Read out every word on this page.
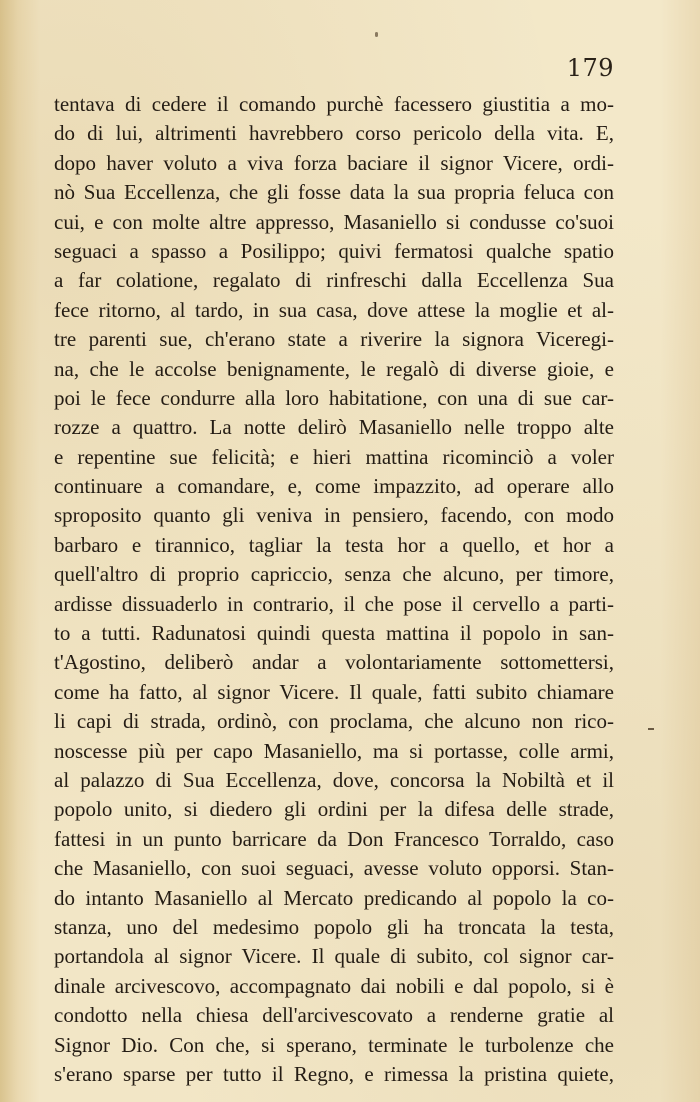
179
tentava di cedere il comando purchè facessero giustitia a mo-
do di lui, altrimenti havrebbero corso pericolo della vita. E,
dopo haver voluto a viva forza baciare il signor Vicere, ordi-
nò Sua Eccellenza, che gli fosse data la sua propria feluca con
cui, e con molte altre appresso, Masaniello si condusse co'suoi
seguaci a spasso a Posilippo; quivi fermatosi qualche spatio
a far colatione, regalato di rinfreschi dalla Eccellenza Sua
fece ritorno, al tardo, in sua casa, dove attese la moglie et al-
tre parenti sue, ch'erano state a riverire la signora Viceregi-
na, che le accolse benignamente, le regalò di diverse gioie, e
poi le fece condurre alla loro habitatione, con una di sue car-
rozze a quattro. La notte delirò Masaniello nelle troppo alte
e repentine sue felicità; e hieri mattina ricominciò a voler
continuare a comandare, e, come impazzito, ad operare allo
sproposito quanto gli veniva in pensiero, facendo, con modo
barbaro e tirannico, tagliar la testa hor a quello, et hor a
quell'altro di proprio capriccio, senza che alcuno, per timore,
ardisse dissuaderlo in contrario, il che pose il cervello a parti-
to a tutti. Radunatosi quindi questa mattina il popolo in san-
t'Agostino, deliberò andar a volontariamente sottomettersi,
come ha fatto, al signor Vicere. Il quale, fatti subito chiamare
li capi di strada, ordinò, con proclama, che alcuno non rico-
noscesse più per capo Masaniello, ma si portasse, colle armi,
al palazzo di Sua Eccellenza, dove, concorsa la Nobiltà et il
popolo unito, si diedero gli ordini per la difesa delle strade,
fattesi in un punto barricare da Don Francesco Torraldo, caso
che Masaniello, con suoi seguaci, avesse voluto opporsi. Stan-
do intanto Masaniello al Mercato predicando al popolo la co-
stanza, uno del medesimo popolo gli ha troncata la testa,
portandola al signor Vicere. Il quale di subito, col signor car-
dinale arcivescovo, accompagnato dai nobili e dal popolo, si è
condotto nella chiesa dell'arcivescovato a renderne gratie al
Signor Dio. Con che, si sperano, terminate le turbolenze che
s'erano sparse per tutto il Regno, e rimessa la pristina quiete,
